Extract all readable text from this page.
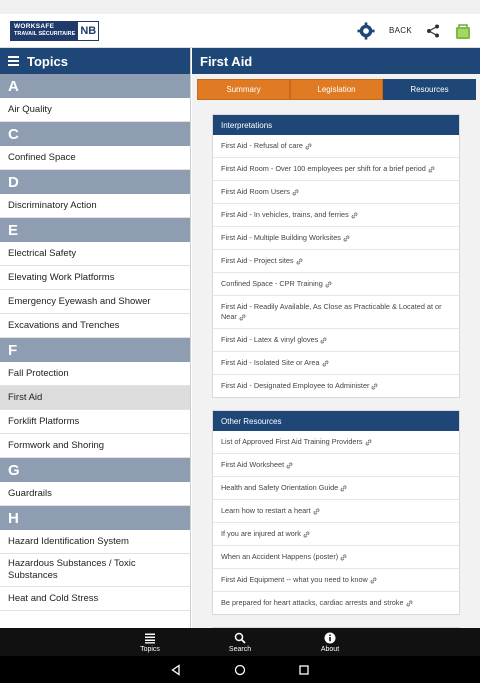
WORKSAFE
TRAVAIL SÉCURITAIRE NB	BACK
Topics
A
Air Quality
C
Confined Space
D
Discriminatory Action
E
Electrical Safety
Elevating Work Platforms
Emergency Eyewash and Shower
Excavations and Trenches
F
Fall Protection
First Aid
Forklift Platforms
Formwork and Shoring
G
Guardrails
H
Hazard Identification System
Hazardous Substances / Toxic Substances
Heat and Cold Stress
First Aid
Summary	Legislation	Resources
Interpretations
First Aid - Refusal of care
First Aid Room - Over 100 employees per shift for a brief period
First Aid Room Users
First Aid - In vehicles, trains, and ferries
First Aid - Multiple Building Worksites
First Aid - Project sites
Confined Space - CPR Training
First Aid - Readily Available, As Close as Practicable & Located at or Near
First Aid - Latex & vinyl gloves
First Aid - Isolated Site or Area
First Aid - Designated Employee to Administer
Other Resources
List of Approved First Aid Training Providers
First Aid Worksheet
Health and Safety Orientation Guide
Learn how to restart a heart
If you are injured at work
When an Accident Happens (poster)
First Aid Equipment -- what you need to know
Be prepared for heart attacks, cardiac arrests and stroke
Topics	Search	About
